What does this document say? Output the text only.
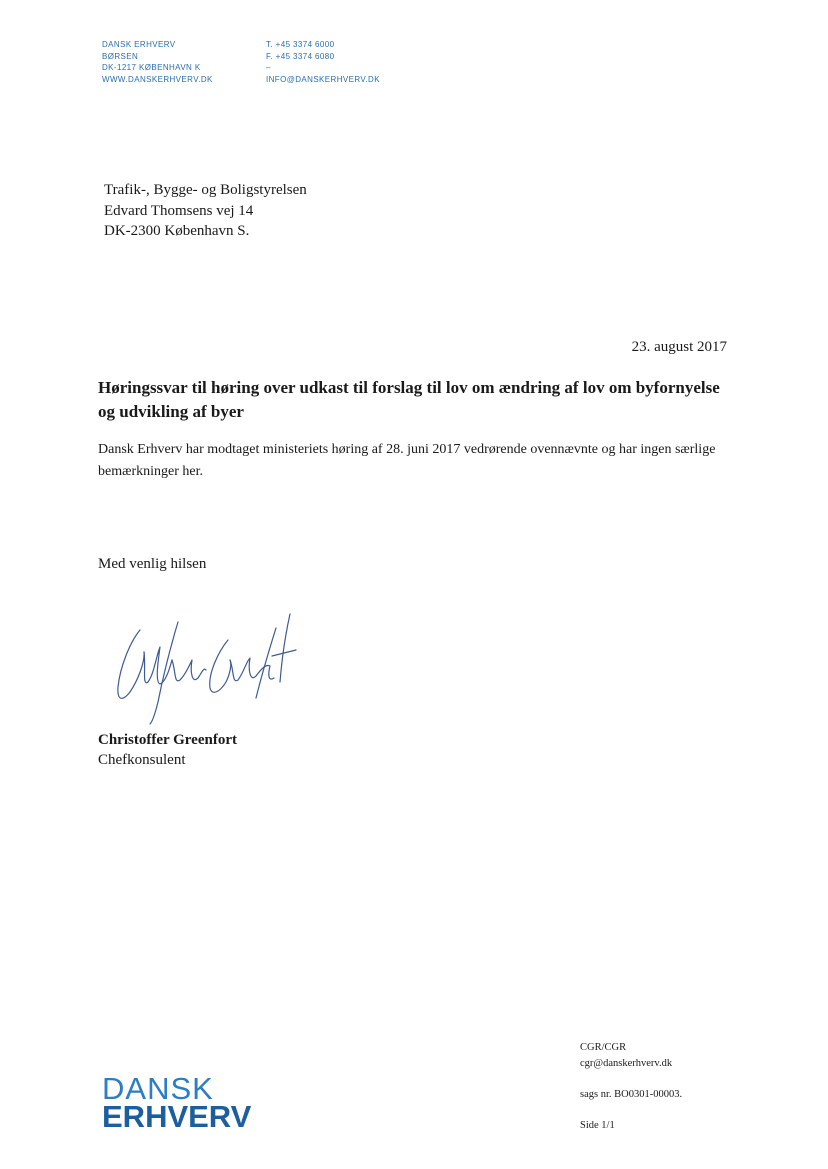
DANSK ERHVERV
BØRSEN
DK-1217 KØBENHAVN K
WWW.DANSKERHVERV.DK
T. +45 3374 6000
F. +45 3374 6080
–
INFO@DANSKERHVERV.DK
Trafik-, Bygge- og Boligstyrelsen
Edvard Thomsens vej 14
DK-2300 København S.
23. august 2017
Høringssvar til høring over udkast til forslag til lov om ændring af lov om byfornyelse og udvikling af byer
Dansk Erhverv har modtaget ministeriets høring af 28. juni 2017 vedrørende ovennævnte og har ingen særlige bemærkninger her.
Med venlig hilsen
Christoffer Greenfort
Chefkonsulent
CGR/CGR
cgr@danskerhverv.dk
sags nr. BO0301-00003.
Side 1/1
DANSK
ERHVERV
